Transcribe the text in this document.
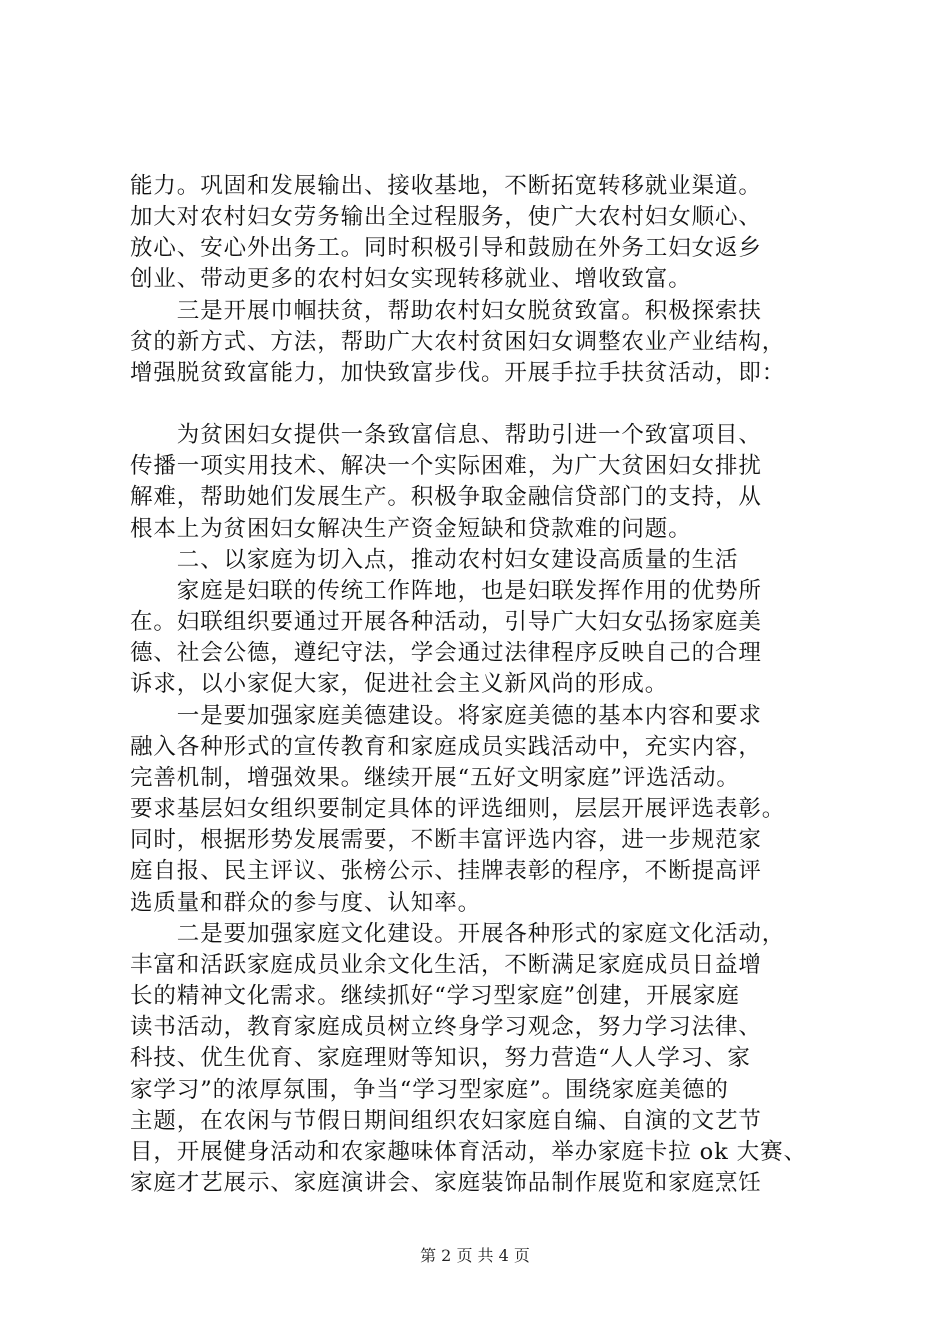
能力。巩固和发展输出、接收基地，不断拓宽转移就业渠道。
加大对农村妇女劳务输出全过程服务，使广大农村妇女顺心、
放心、安心外出务工。同时积极引导和鼓励在外务工妇女返乡
创业、带动更多的农村妇女实现转移就业、增收致富。
　　三是开展巾帼扶贫，帮助农村妇女脱贫致富。积极探索扶
贫的新方式、方法，帮助广大农村贫困妇女调整农业产业结构，
增强脱贫致富能力，加快致富步伐。开展手拉手扶贫活动，即：
　　为贫困妇女提供一条致富信息、帮助引进一个致富项目、
传播一项实用技术、解决一个实际困难，为广大贫困妇女排扰
解难，帮助她们发展生产。积极争取金融信贷部门的支持，从
根本上为贫困妇女解决生产资金短缺和贷款难的问题。
　　二、以家庭为切入点，推动农村妇女建设高质量的生活
　　家庭是妇联的传统工作阵地，也是妇联发挥作用的优势所
在。妇联组织要通过开展各种活动，引导广大妇女弘扬家庭美
德、社会公德，遵纪守法，学会通过法律程序反映自己的合理
诉求，以小家促大家，促进社会主义新风尚的形成。
　　一是要加强家庭美德建设。将家庭美德的基本内容和要求
融入各种形式的宣传教育和家庭成员实践活动中，充实内容，
完善机制，增强效果。继续开展“五好文明家庭”评选活动。
要求基层妇女组织要制定具体的评选细则，层层开展评选表彰。
同时，根据形势发展需要，不断丰富评选内容，进一步规范家
庭自报、民主评议、张榜公示、挂牌表彰的程序，不断提高评
选质量和群众的参与度、认知率。
　　二是要加强家庭文化建设。开展各种形式的家庭文化活动，
丰富和活跃家庭成员业余文化生活，不断满足家庭成员日益增
长的精神文化需求。继续抓好“学习型家庭”创建，开展家庭
读书活动，教育家庭成员树立终身学习观念，努力学习法律、
科技、优生优育、家庭理财等知识，努力营造“人人学习、家
家学习”的浓厚氛围，争当“学习型家庭”。围绕家庭美德的
主题，在农闲与节假日期间组织农妇家庭自编、自演的文艺节
目，开展健身活动和农家趣味体育活动，举办家庭卡拉 ok 大赛、
家庭才艺展示、家庭演讲会、家庭装饰品制作展览和家庭烹饪
第 2 页 共 4 页
